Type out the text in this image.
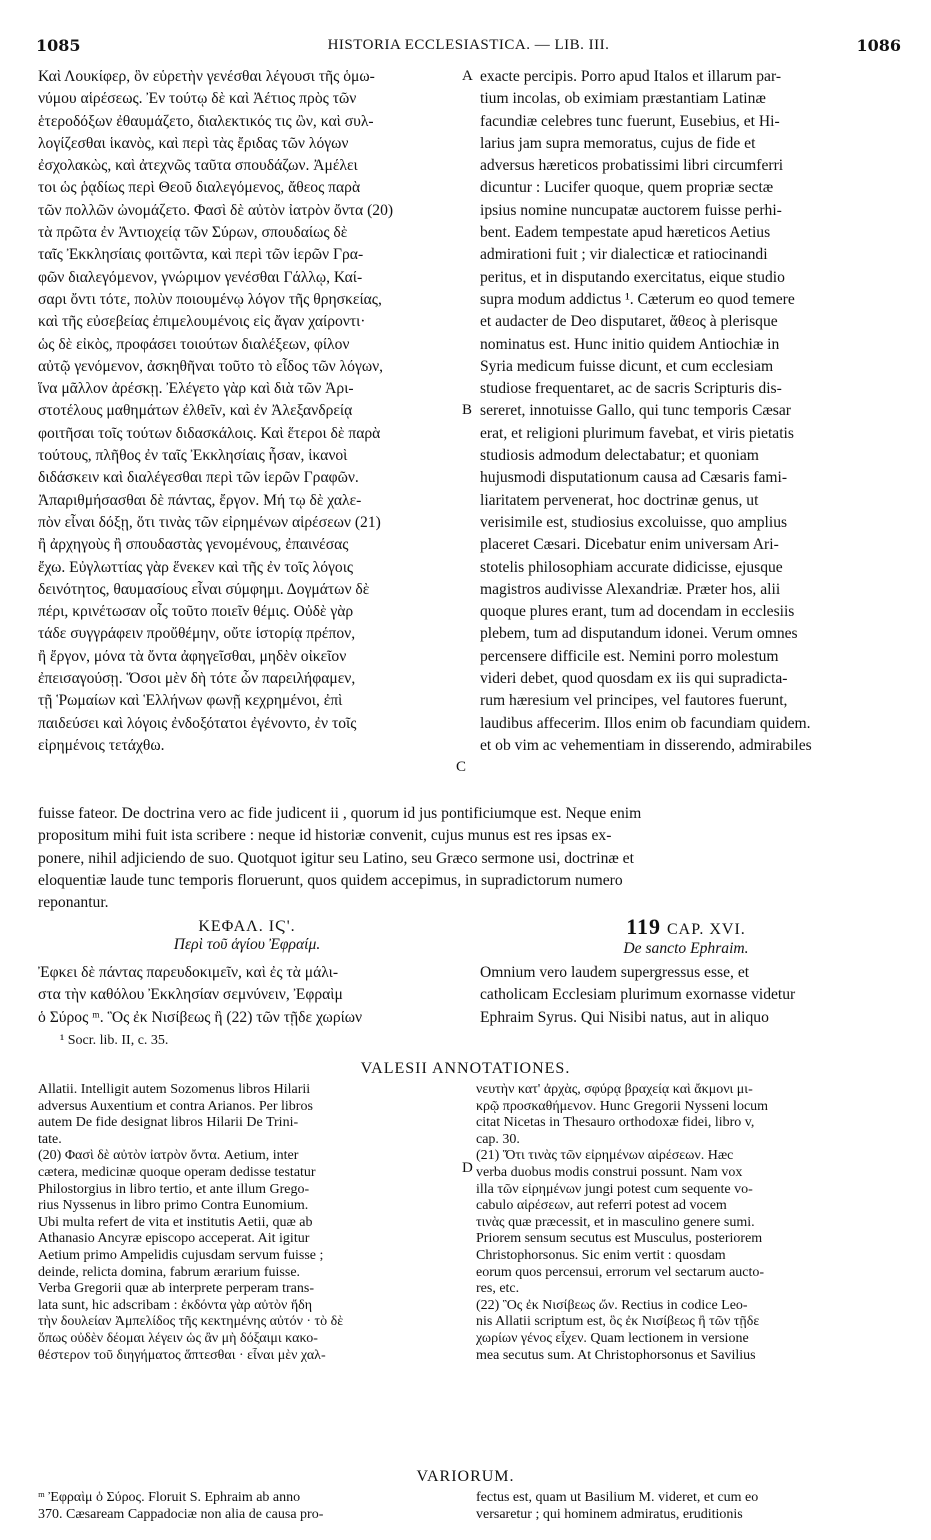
1085	HISTORIA ECCLESIASTICA. — LIB. III.	1086
Καὶ Λουκίφερ, ὃν εὑρετὴν γενέσθαι λέγουσι τῆς ὁμω-
νύμου αἱρέσεως. Ἐν τούτῳ δὲ καὶ Ἀέτιος πρὸς τῶν
ἑτεροδόξων ἐθαυμάζετο, διαλεκτικός τις ὢν, καὶ συλ-
λογίζεσθαι ἱκανὸς, καὶ περὶ τὰς ἔριδας τῶν λόγων
ἐσχολακὼς, καὶ ἀτεχνῶς ταῦτα σπουδάζων. Ἀμέλει
τοι ὡς ῥᾳδίως περὶ Θεοῦ διαλεγόμενος, ἄθεος παρὰ
τῶν πολλῶν ὠνομάζετο. Φασὶ δὲ αὐτὸν ἰατρὸν ὄντα (20)
τὰ πρῶτα ἐν Ἀντιοχείᾳ τῶν Σύρων, σπουδαίως δὲ
ταῖς Ἐκκλησίαις φοιτῶντα, καὶ περὶ τῶν ἱερῶν Γρα-
φῶν διαλεγόμενον, γνώριμον γενέσθαι Γάλλῳ, Καί-
σαρι ὄντι τότε, πολὺν ποιουμένῳ λόγον τῆς θρησκείας,
καὶ τῆς εὐσεβείας ἐπιμελουμένοις εἰς ἄγαν χαίροντι·
ὡς δὲ εἰκὸς, προφάσει τοιούτων διαλέξεων, φίλον
αὐτῷ γενόμενον, ἀσκηθῆναι τοῦτο τὸ εἶδος τῶν λόγων,
ἵνα μᾶλλον ἀρέσκῃ. Ἐλέγετο γὰρ καὶ διὰ τῶν Ἀρι-
στοτέλους μαθημάτων ἐλθεῖν, καὶ ἐν Ἀλεξανδρείᾳ
φοιτῆσαι τοῖς τούτων διδασκάλοις. Καὶ ἕτεροι δὲ παρὰ
τούτους, πλῆθος ἐν ταῖς Ἐκκλησίαις ἦσαν, ἱκανοὶ
διδάσκειν καὶ διαλέγεσθαι περὶ τῶν ἱερῶν Γραφῶν.
Ἀπαριθμήσασθαι δὲ πάντας, ἔργον. Μή τῳ δὲ χαλε-
πὸν εἶναι δόξῃ, ὅτι τινὰς τῶν εἰρημένων αἱρέσεων (21)
ἢ ἀρχηγοὺς ἢ σπουδαστὰς γενομένους, ἐπαινέσας
ἔχω. Εὐγλωττίας γὰρ ἕνεκεν καὶ τῆς ἐν τοῖς λόγοις
δεινότητος, θαυμασίους εἶναι σύμφημι. Δογμάτων δὲ
πέρι, κρινέτωσαν οἷς τοῦτο ποιεῖν θέμις. Οὐδὲ γὰρ
τάδε συγγράφειν προὔθέμην, οὔτε ἱστορίᾳ πρέπον,
ἢ ἔργον, μόνα τὰ ὄντα ἀφηγεῖσθαι, μηδὲν οἰκεῖον
ἐπεισαγούσῃ. Ὅσοι μὲν δὴ τότε ὧν παρειλήφαμεν,
τῇ Ῥωμαίων καὶ Ἑλλήνων φωνῇ κεχρημένοι, ἐπὶ
παιδεύσει καὶ λόγοις ἐνδοξότατοι ἐγένοντο, ἐν τοῖς
εἰρημένοις τετάχθω.
exacte percipis. Porro apud Italos et illarum par-
tium incolas, ob eximiam præstantiam Latinæ
facundiæ celebres tunc fuerunt, Eusebius, et Hi-
larius jam supra memoratus, cujus de fide et
adversus hæreticos probatissimi libri circumferri
dicuntur : Lucifer quoque, quem propriæ sectæ
ipsius nomine nuncupatæ auctorem fuisse perhi-
bent. Eadem tempestate apud hæreticos Aetius
admirationi fuit ; vir dialecticæ et ratiocinandi
peritus, et in disputando exercitatus, eique studio
supra modum addictus ¹. Cæterum eo quod temere
et audacter de Deo disputaret, ἄθεος à plerisque
nominatus est. Hunc initio quidem Antiochiæ in
Syria medicum fuisse dicunt, et cum ecclesiam
studiose frequentaret, ac de sacris Scripturis dis-
sereret, innotuisse Gallo, qui tunc temporis Cæsar
erat, et religioni plurimum favebat, et viris pietatis
studiosis admodum delectabatur; et quoniam
hujusmodi disputationum causa ad Cæsaris fami-
liaritatem pervenerat, hoc doctrinæ genus, ut
verisimile est, studiosius excoluisse, quo amplius
placeret Cæsari. Dicebatur enim universam Ari-
stotelis philosophiam accurate didicisse, ejusque
magistros audivisse Alexandriæ. Præter hos, alii
quoque plures erant, tum ad docendam in ecclesiis
plebem, tum ad disputandum idonei. Verum omnes
percensere difficile est. Nemini porro molestum
videri debet, quod quosdam ex iis qui supradicta-
rum hæresium vel principes, vel fautores fuerunt,
laudibus affecerim. Illos enim ob facundiam quidem.
et ob vim ac vehementiam in disserendo, admirabiles
A
B
C
D
fuisse fateor. De doctrina vero ac fide judicent ii , quorum id jus pontificiumque est. Neque enim
propositum mihi fuit ista scribere : neque id historiæ convenit, cujus munus est res ipsas ex-
ponere, nihil adjiciendo de suo. Quotquot igitur seu Latino, seu Græco sermone usi, doctrinæ et
eloquentiæ laude tunc temporis floruerunt, quos quidem accepimus, in supradictorum numero
reponantur.
ΚΕΦΑΛ. ΙϚ'.
Περὶ τοῦ ἁγίου Ἐφραίμ.
Ἐφκει δὲ πάντας παρευδοκιμεῖν, καὶ ἐς τὰ μάλι-
στα τὴν καθόλου Ἐκκλησίαν σεμνύνειν, Ἐφραὶμ
ὁ Σύρος ᵐ. Ὃς ἐκ Νισίβεως ἢ (22) τῶν τῇδε χωρίων
119 CAP. XVI.
De sancto Ephraim.
Omnium vero laudem supergressus esse, et
catholicam Ecclesiam plurimum exornasse videtur
Ephraim Syrus. Qui Nisibi natus, aut in aliquo
¹ Socr. lib. II, c. 35.
VALESII ANNOTATIONES.
Allatii. Intelligit autem Sozomenus libros Hilarii
adversus Auxentium et contra Arianos. Per libros
autem De fide designat libros Hilarii De Trini-
tate.
(20) Φασὶ δὲ αὐτὸν ἰατρὸν ὄντα. Aetium, inter
cætera, medicinæ quoque operam dedisse testatur
Philostorgius in libro tertio, et ante illum Grego-
rius Nyssenus in libro primo Contra Eunomium.
Ubi multa refert de vita et institutis Aetii, quæ ab
Athanasio Ancyræ episcopo acceperat. Ait igitur
Aetium primo Ampelidis cujusdam servum fuisse ;
deinde, relicta domina, fabrum ærarium fuisse.
Verba Gregorii quæ ab interprete perperam trans-
lata sunt, hic adscribam : ἐκδόντα γὰρ αὐτὸν ἤδη
τὴν δουλείαν Ἀμπελίδος τῆς κεκτημένης αὐτόν · τὸ δὲ
ὅπως οὐδὲν δέομαι λέγειν ὡς ἂν μὴ δόξαιμι κακο-
θέστερον τοῦ διηγήματος ἅπτεσθαι · εἶναι μὲν χαλ-
νευτὴν κατ' ἀρχὰς, σφύρᾳ βραχείᾳ καὶ ἄκμονι μι-
κρῷ προσκαθήμενον. Hunc Gregorii Nysseni locum
citat Nicetas in Thesauro orthodoxæ fidei, libro v,
cap. 30.
(21) Ὅτι τινὰς τῶν εἰρημένων αἱρέσεων. Hæc
verba duobus modis construi possunt. Nam vox
illa τῶν εἰρημένων jungi potest cum sequente vo-
cabulo αἱρέσεων, aut referri potest ad vocem
τινὰς quæ præcessit, et in masculino genere sumi.
Priorem sensum secutus est Musculus, posteriorem
Christophorsonus. Sic enim vertit : quosdam
eorum quos percensui, errorum vel sectarum aucto-
res, etc.
(22) Ὃς ἐκ Νισίβεως ὤν. Rectius in codice Leo-
nis Allatii scriptum est, ὃς ἐκ Νισίβεως ἢ τῶν τῇδε
χωρίων γένος εἶχεν. Quam lectionem in versione
mea secutus sum. At Christophorsonus et Savilius
VARIORUM.
ᵐ Ἐφραὶμ ὁ Σύρος. Floruit S. Ephraim ab anno
370. Cæsaream Cappadociæ non alia de causa pro-
fectus est, quam ut Basilium M. videret, et cum eo
versaretur ; qui hominem admiratus, eruditionis
